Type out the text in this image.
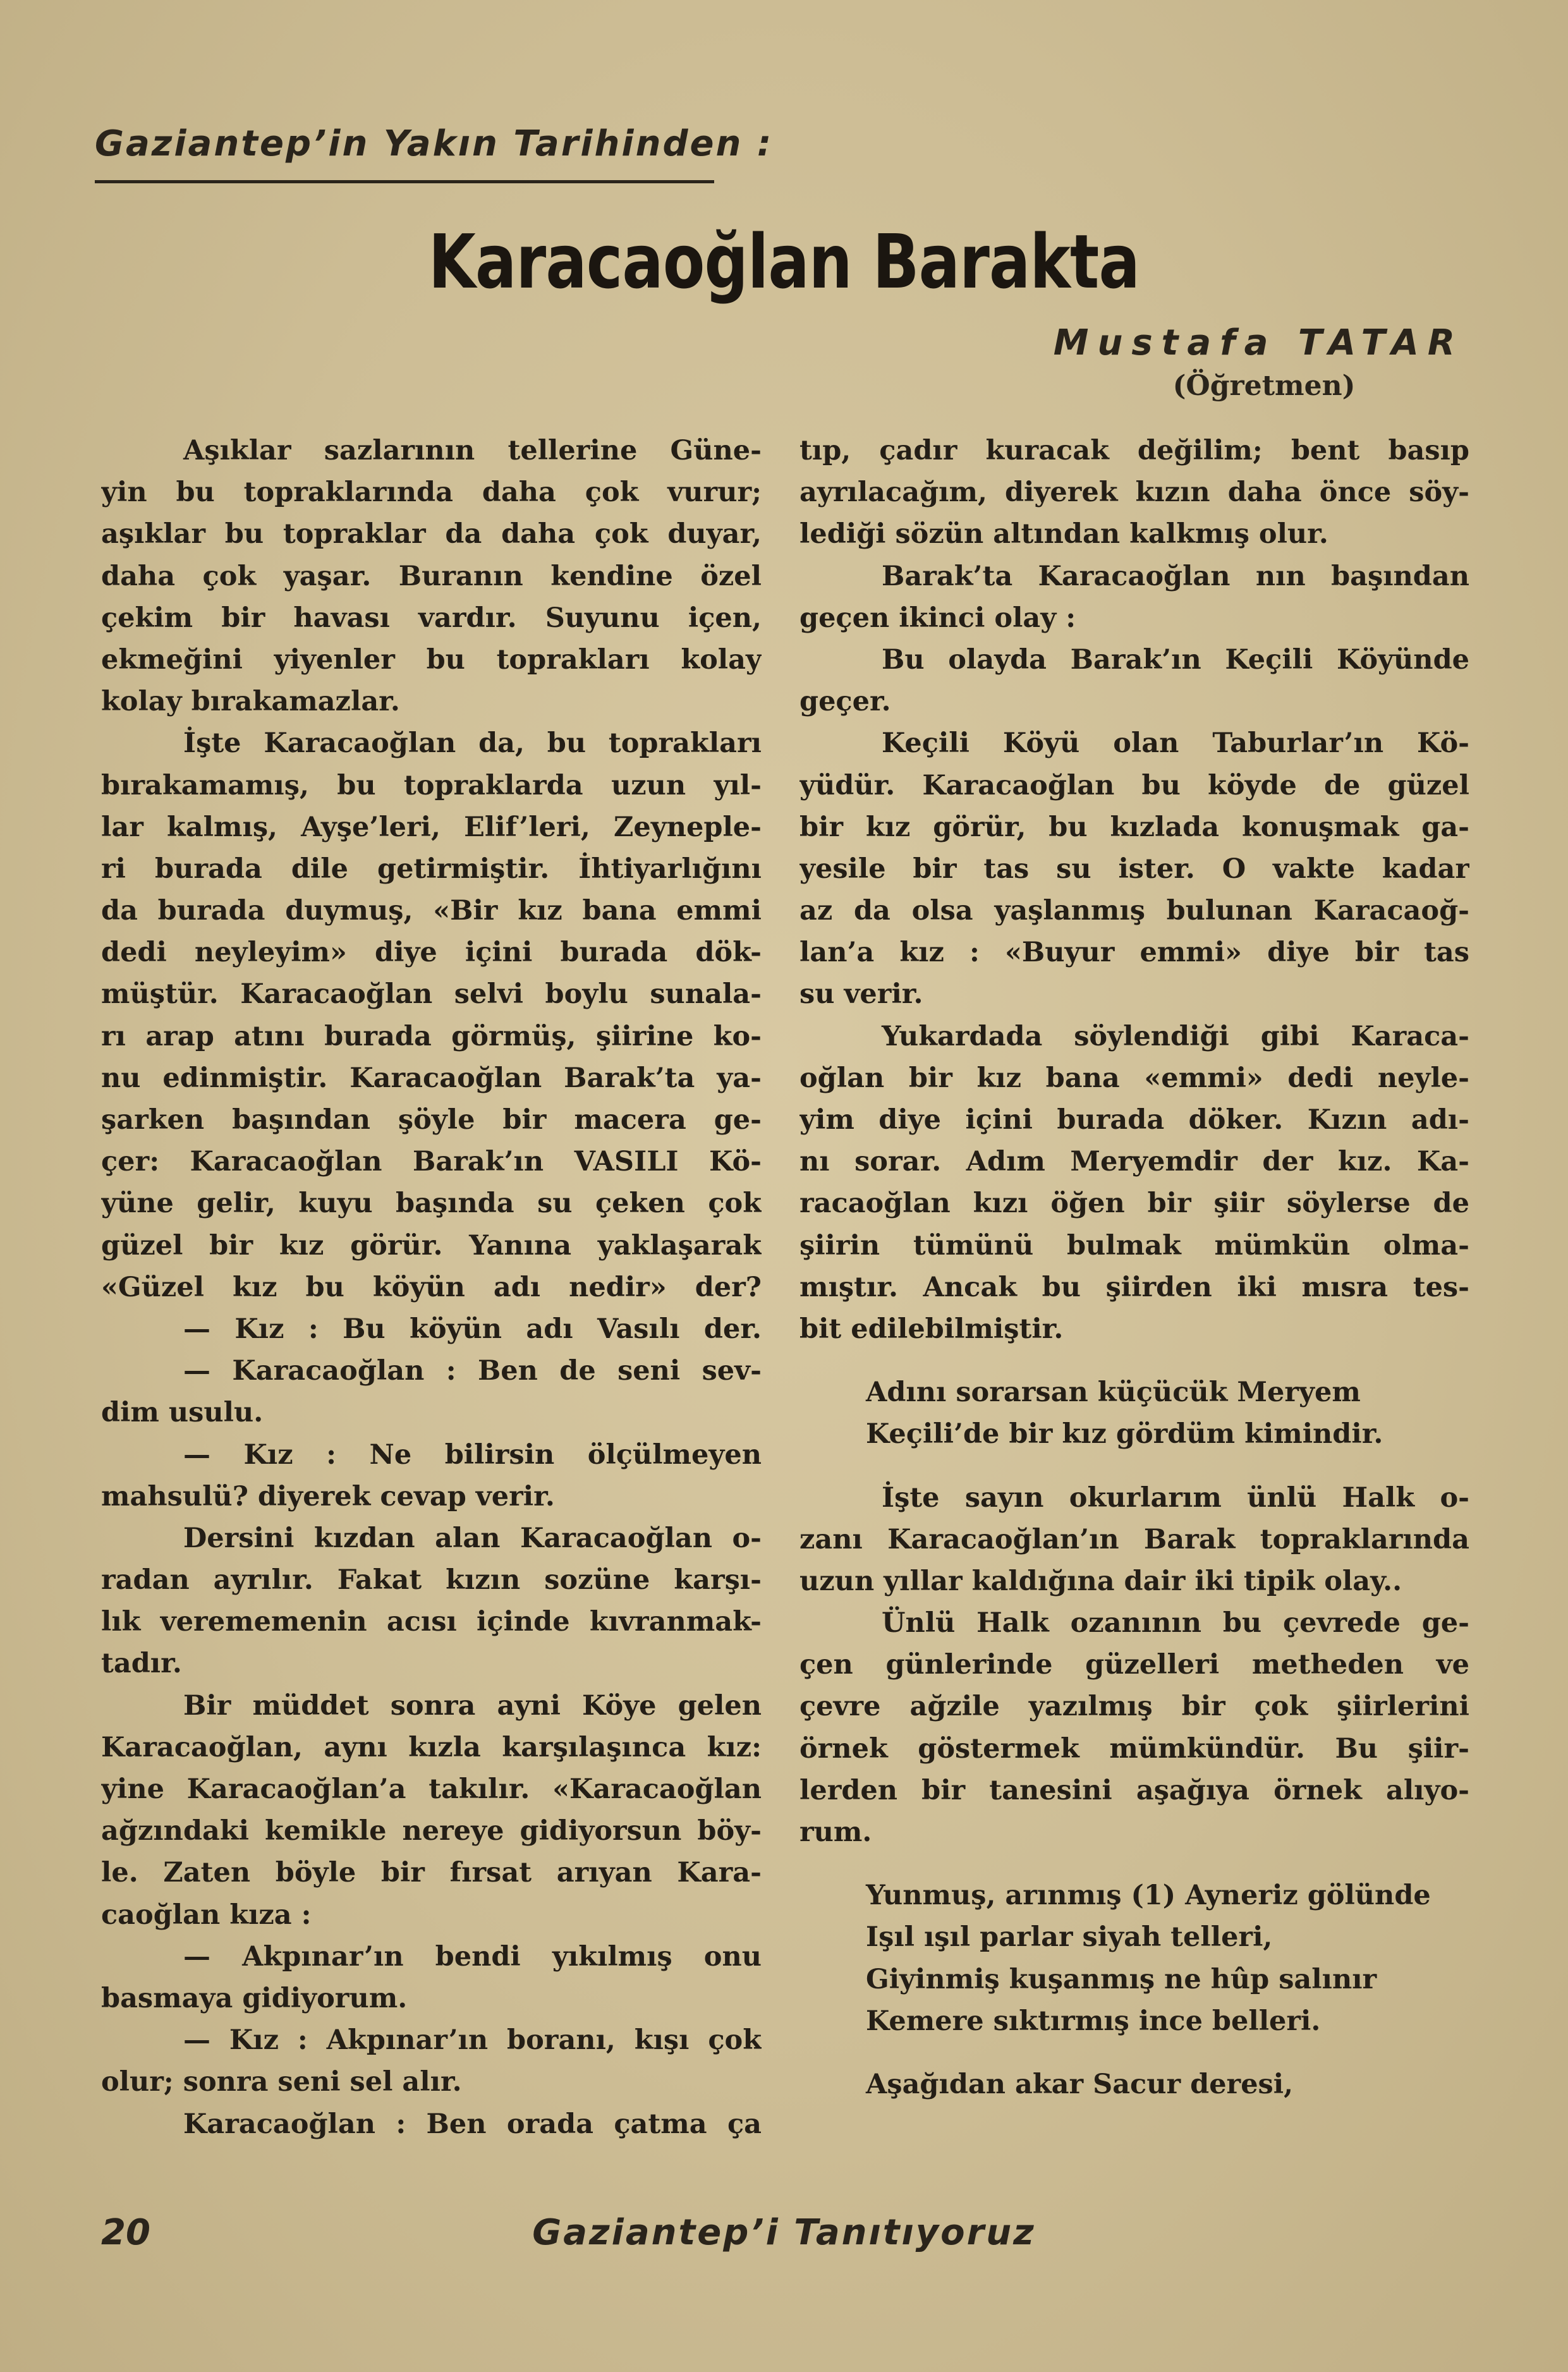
Gaziantep’in Yakın Tarihinden :
Karacaoğlan Barakta
Mustafa TATAR
(Öğretmen)
Aşıklar sazlarının tellerine Güne-
yin bu topraklarında daha çok vurur;
aşıklar bu topraklar da daha çok duyar,
daha çok yaşar. Buranın kendine özel
çekim bir havası vardır. Suyunu içen,
ekmeğini yiyenler bu toprakları kolay
kolay bırakamazlar.
İşte Karacaoğlan da, bu toprakları
bırakamamış, bu topraklarda uzun yıl-
lar kalmış, Ayşe’leri, Elif’leri, Zeyneple-
ri burada dile getirmiştir. İhtiyarlığını
da burada duymuş, «Bir kız bana emmi
dedi neyleyim» diye içini burada dök-
müştür. Karacaoğlan selvi boylu sunala-
rı arap atını burada görmüş, şiirine ko-
nu edinmiştir. Karacaoğlan Barak’ta ya-
şarken başından şöyle bir macera ge-
çer: Karacaoğlan Barak’ın VASILI Kö-
yüne gelir, kuyu başında su çeken çok
güzel bir kız görür. Yanına yaklaşarak
«Güzel kız bu köyün adı nedir» der?
— Kız : Bu köyün adı Vasılı der.
— Karacaoğlan : Ben de seni sev-
dim usulu.
— Kız : Ne bilirsin ölçülmeyen
mahsulü? diyerek cevap verir.
Dersini kızdan alan Karacaoğlan o-
radan ayrılır. Fakat kızın sozüne karşı-
lık verememenin acısı içinde kıvranmak-
tadır.
Bir müddet sonra ayni Köye gelen
Karacaoğlan, aynı kızla karşılaşınca kız:
yine Karacaoğlan’a takılır. «Karacaoğlan
ağzındaki kemikle nereye gidiyorsun böy-
le. Zaten böyle bir fırsat arıyan Kara-
caoğlan kıza :
— Akpınar’ın bendi yıkılmış onu
basmaya gidiyorum.
— Kız : Akpınar’ın boranı, kışı çok
olur; sonra seni sel alır.
Karacaoğlan : Ben orada çatma ça
tıp, çadır kuracak değilim; bent basıp
ayrılacağım, diyerek kızın daha önce söy-
lediği sözün altından kalkmış olur.
Barak’ta Karacaoğlan nın başından
geçen ikinci olay :
Bu olayda Barak’ın Keçili Köyünde
geçer.
Keçili Köyü olan Taburlar’ın Kö-
yüdür. Karacaoğlan bu köyde de güzel
bir kız görür, bu kızlada konuşmak ga-
yesile bir tas su ister. O vakte kadar
az da olsa yaşlanmış bulunan Karacaoğ-
lan’a kız : «Buyur emmi» diye bir tas
su verir.
Yukardada söylendiği gibi Karaca-
oğlan bir kız bana «emmi» dedi neyle-
yim diye içini burada döker. Kızın adı-
nı sorar. Adım Meryemdir der kız. Ka-
racaoğlan kızı öğen bir şiir söylerse de
şiirin tümünü bulmak mümkün olma-
mıştır. Ancak bu şiirden iki mısra tes-
bit edilebilmiştir.
Adını sorarsan küçücük Meryem
Keçili’de bir kız gördüm kimindir.
İşte sayın okurlarım ünlü Halk o-
zanı Karacaoğlan’ın Barak topraklarında
uzun yıllar kaldığına dair iki tipik olay..
Ünlü Halk ozanının bu çevrede ge-
çen günlerinde güzelleri metheden ve
çevre ağzile yazılmış bir çok şiirlerini
örnek göstermek mümkündür. Bu şiir-
lerden bir tanesini aşağıya örnek alıyo-
rum.
Yunmuş, arınmış (1) Ayneriz gölünde
Işıl ışıl parlar siyah telleri,
Giyinmiş kuşanmış ne hûp salınır
Kemere sıktırmış ince belleri.
Aşağıdan akar Sacur deresi,
20	Gaziantep’i Tanıtıyoruz
